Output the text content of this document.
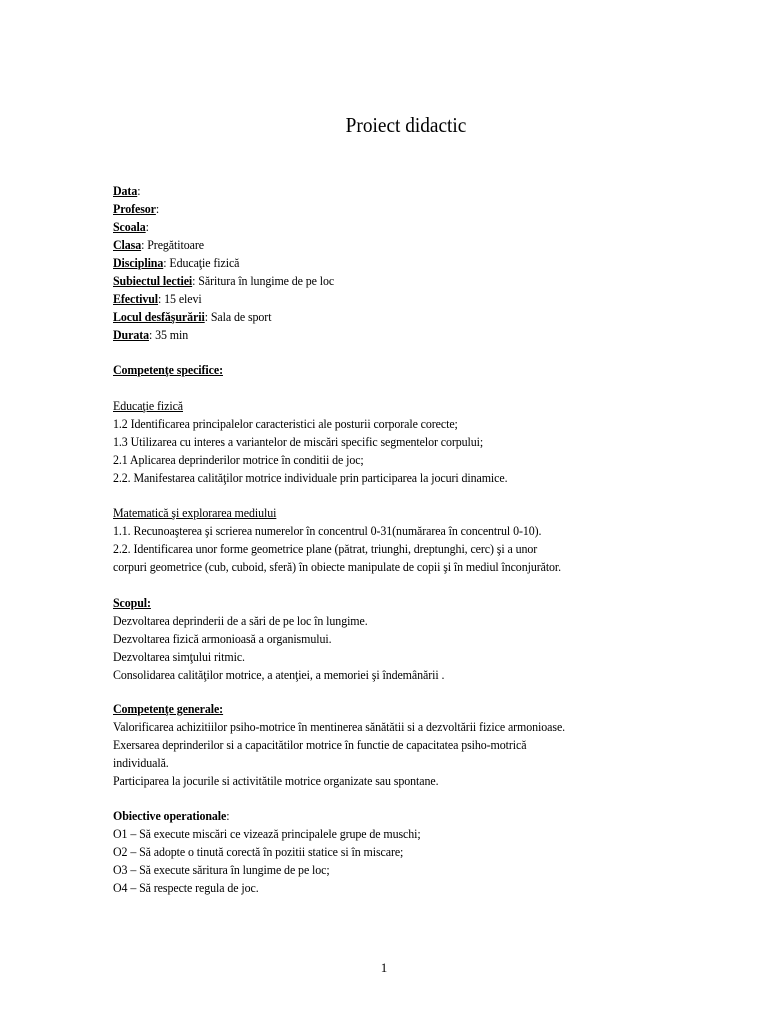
Proiect didactic
Data:
Profesor:
Scoala:
Clasa: Pregătitoare
Disciplina: Educaţie fizică
Subiectul lectiei: Săritura în lungime de pe loc
Efectivul: 15 elevi
Locul desfăşurării: Sala de sport
Durata: 35 min
Competenţe specifice:
Educaţie fizică
1.2 Identificarea principalelor caracteristici ale posturii corporale corecte;
1.3 Utilizarea cu interes a variantelor de miscări specific segmentelor corpului;
2.1 Aplicarea deprinderilor motrice în conditii de joc;
2.2. Manifestarea calităţilor motrice individuale prin participarea la jocuri dinamice.
Matematică şi explorarea mediului
1.1. Recunoaşterea şi scrierea numerelor în concentrul 0-31(numărarea în concentrul 0-10).
2.2. Identificarea unor forme geometrice plane (pătrat, triunghi, dreptunghi, cerc) şi a unor
corpuri geometrice (cub, cuboid, sferă) în obiecte manipulate de copii şi în mediul înconjurător.
Scopul:
Dezvoltarea deprinderii de a sări de pe loc în lungime.
Dezvoltarea fizică armonioasă a organismului.
Dezvoltarea simţului ritmic.
Consolidarea calităţilor motrice, a atenţiei, a memoriei şi îndemânării .
Competenţe generale:
Valorificarea achizitiilor psiho-motrice în mentinerea sănătătii si a dezvoltării fizice armonioase.
Exersarea deprinderilor si a capacitătilor motrice în functie de capacitatea psiho-motrică
individuală.
Participarea la jocurile si activitătile motrice organizate sau spontane.
Obiective operationale:
O1 – Să execute miscări ce vizează principalele grupe de muschi;
O2 – Să adopte o tinută corectă în pozitii statice si în miscare;
O3 – Să execute săritura în lungime de pe loc;
O4 – Să respecte regula de joc.
1
